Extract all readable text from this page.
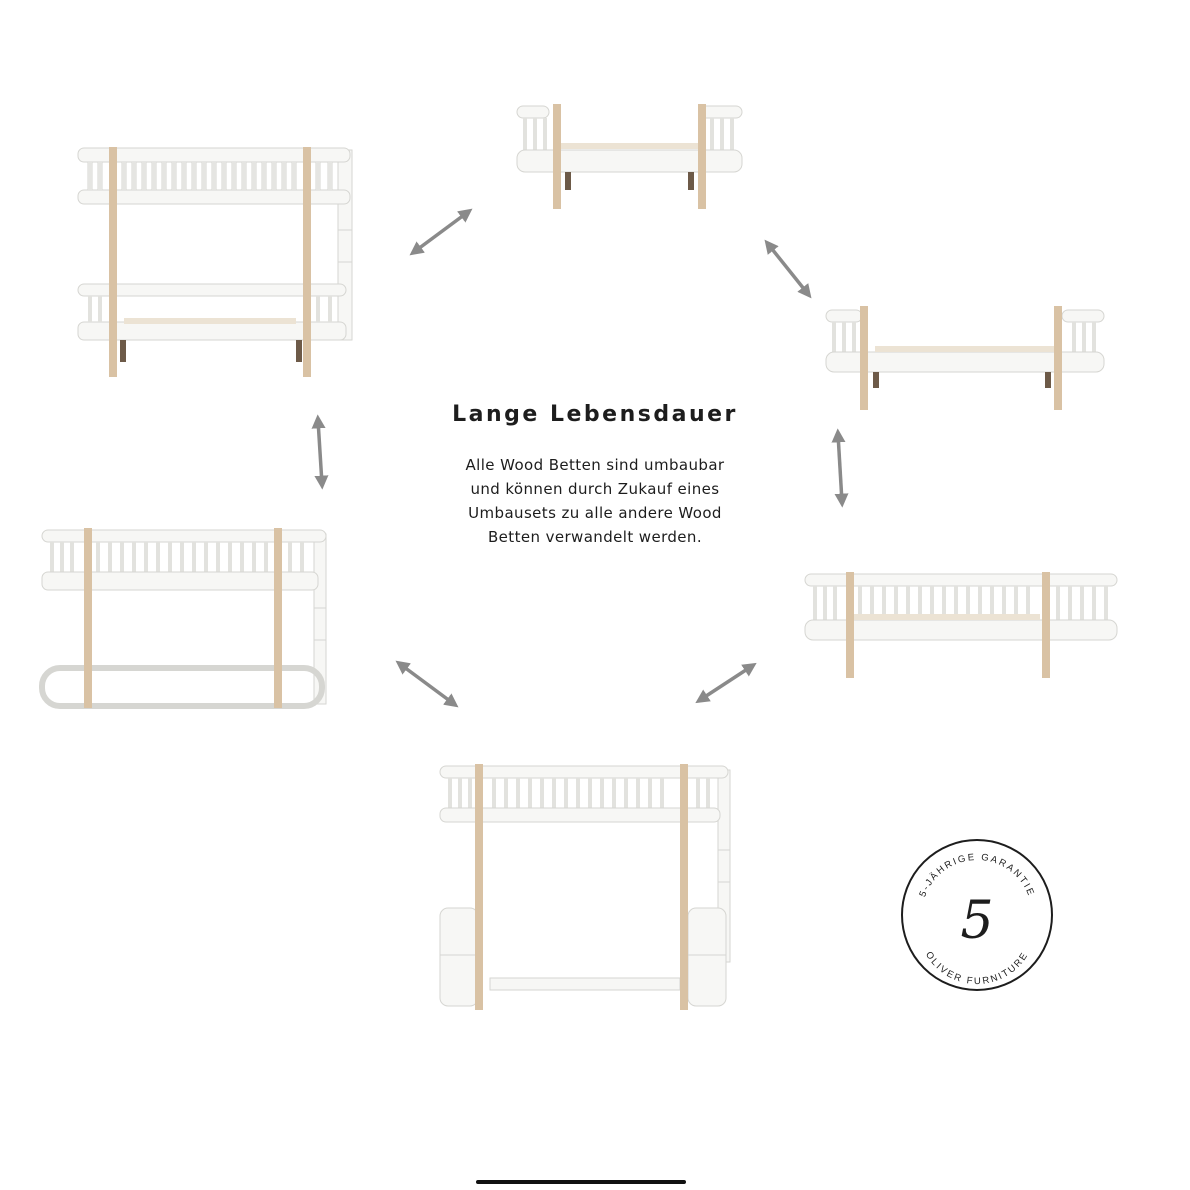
5-JÄHRIGE GARANTIE
OLIVER FURNITURE
5
Lange Lebensdauer

Alle Wood Betten sind umbaubar
und können durch Zukauf eines
Umbausets zu alle andere Wood
Betten verwandelt werden.
